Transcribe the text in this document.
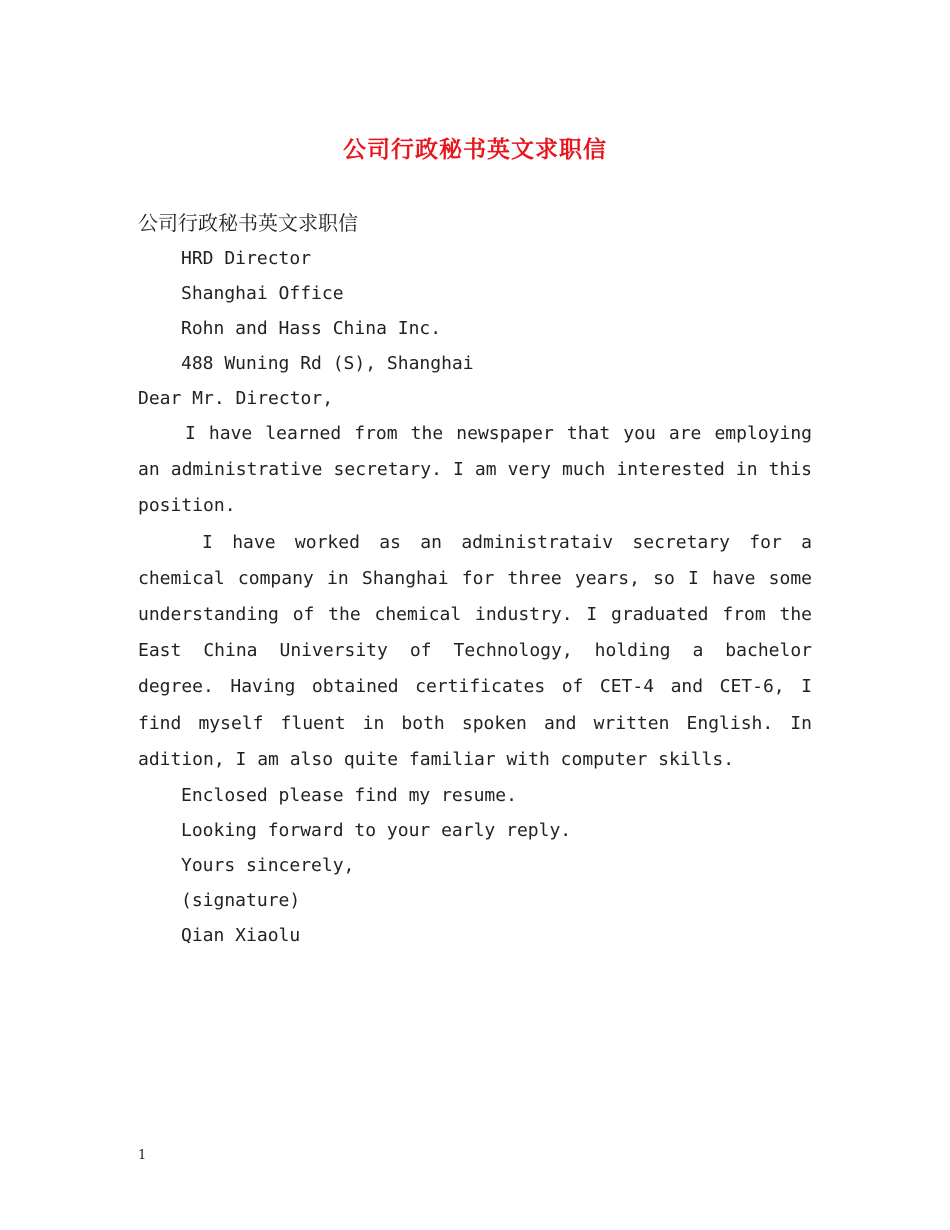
公司行政秘书英文求职信
公司行政秘书英文求职信
HRD Director
Shanghai Office
Rohn and Hass China Inc.
488 Wuning Rd (S), Shanghai
Dear Mr. Director,
I have learned from the newspaper that you are employing an administrative secretary. I am very much interested in this position.
I have worked as an administrataiv secretary for a chemical company in Shanghai for three years, so I have some understanding of the chemical industry. I graduated from the East China University of Technology, holding a bachelor degree. Having obtained certificates of CET-4 and CET-6, I find myself fluent in both spoken and written English. In adition, I am also quite familiar with computer skills.
Enclosed please find my resume.
Looking forward to your early reply.
Yours sincerely,
(signature)
Qian Xiaolu
1
